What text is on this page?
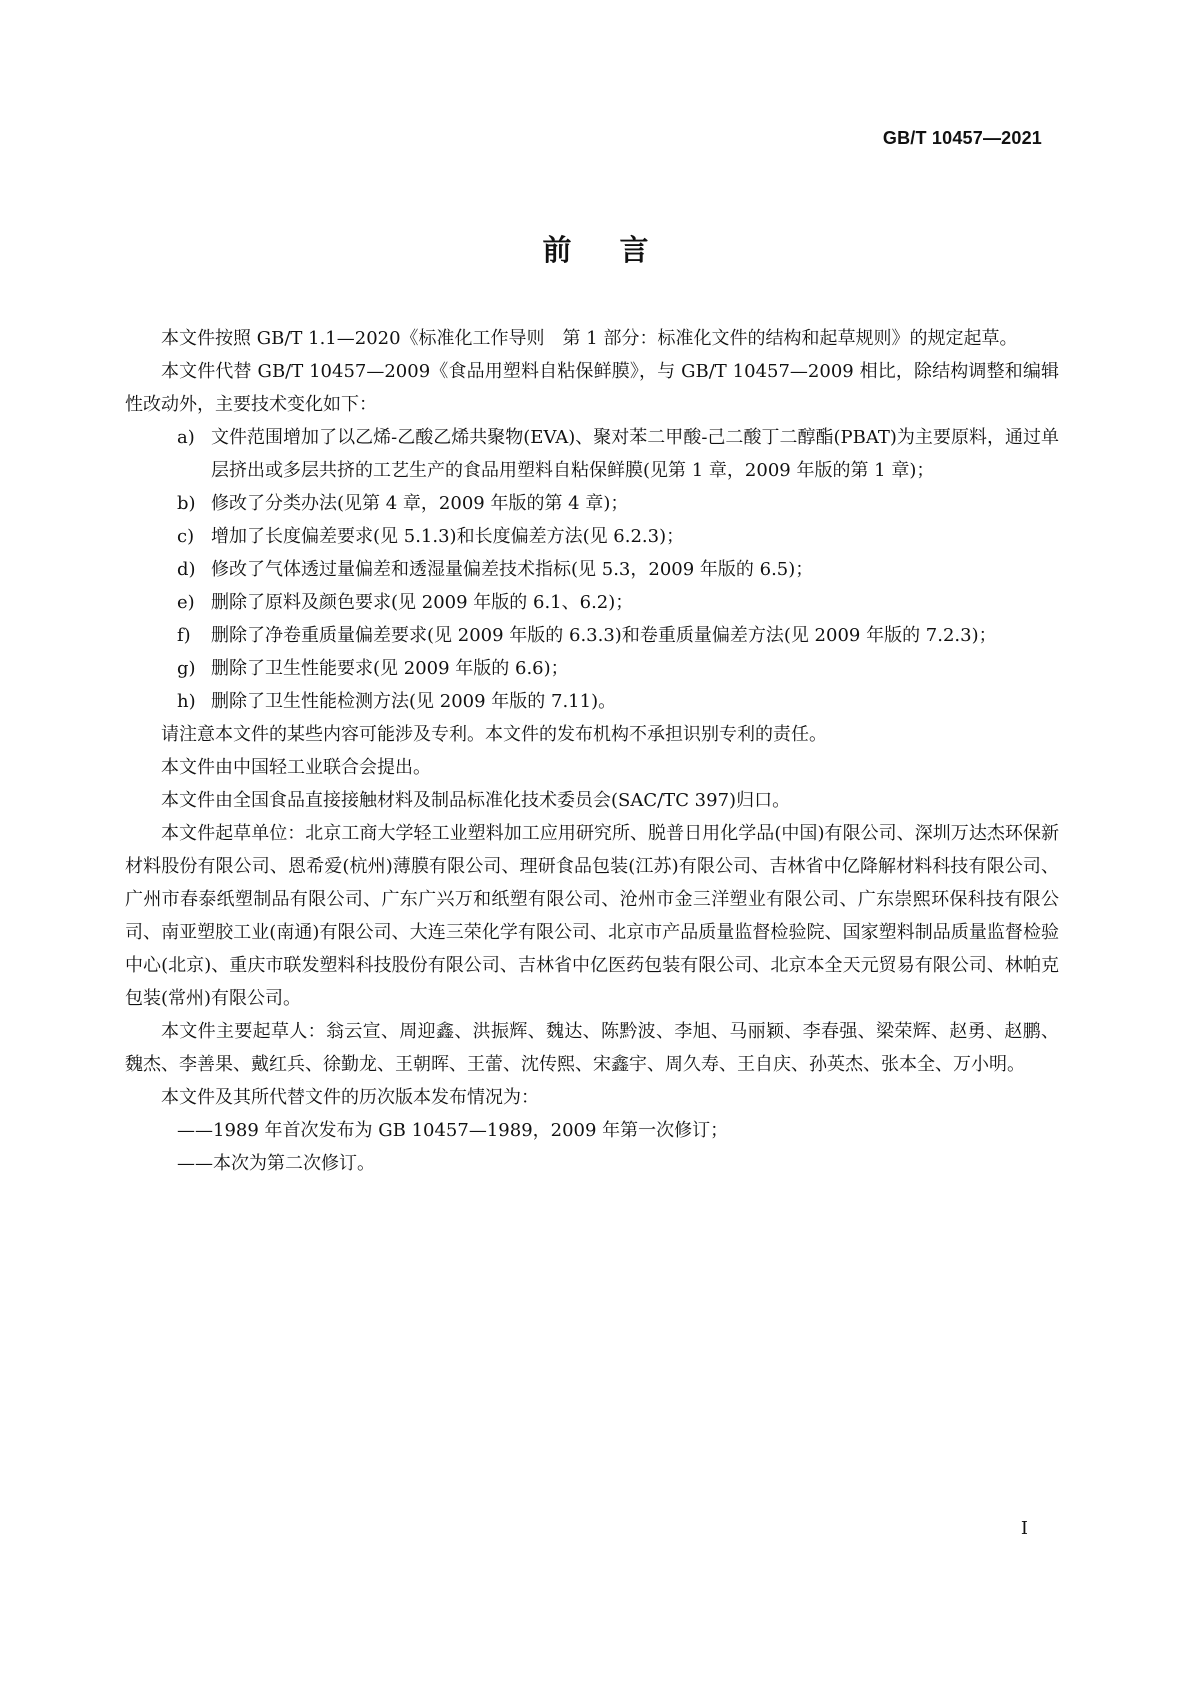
GB/T 10457—2021
前言

本文件按照 GB/T 1.1—2020《标准化工作导则　第 1 部分：标准化文件的结构和起草规则》的规定起草。

本文件代替 GB/T 10457—2009《食品用塑料自粘保鲜膜》，与 GB/T 10457—2009 相比，除结构调整和编辑性改动外，主要技术变化如下：

a) 文件范围增加了以乙烯-乙酸乙烯共聚物(EVA)、聚对苯二甲酸-己二酸丁二醇酯(PBAT)为主要原料，通过单层挤出或多层共挤的工艺生产的食品用塑料自粘保鲜膜(见第 1 章，2009 年版的第 1 章)；
b) 修改了分类办法(见第 4 章，2009 年版的第 4 章)；
c) 增加了长度偏差要求(见 5.1.3)和长度偏差方法(见 6.2.3)；
d) 修改了气体透过量偏差和透湿量偏差技术指标(见 5.3，2009 年版的 6.5)；
e) 删除了原料及颜色要求(见 2009 年版的 6.1、6.2)；
f)	删除了净卷重质量偏差要求(见 2009 年版的 6.3.3)和卷重质量偏差方法(见 2009 年版的 7.2.3)；
g) 删除了卫生性能要求(见 2009 年版的 6.6)；
h) 删除了卫生性能检测方法(见 2009 年版的 7.11)。

请注意本文件的某些内容可能涉及专利。本文件的发布机构不承担识别专利的责任。

本文件由中国轻工业联合会提出。

本文件由全国食品直接接触材料及制品标准化技术委员会(SAC/TC 397)归口。

本文件起草单位：北京工商大学轻工业塑料加工应用研究所、脱普日用化学品(中国)有限公司、深圳万达杰环保新材料股份有限公司、恩希爱(杭州)薄膜有限公司、理研食品包装(江苏)有限公司、吉林省中亿降解材料科技有限公司、广州市春泰纸塑制品有限公司、广东广兴万和纸塑有限公司、沧州市金三洋塑业有限公司、广东崇熙环保科技有限公司、南亚塑胶工业(南通)有限公司、大连三荣化学有限公司、北京市产品质量监督检验院、国家塑料制品质量监督检验中心(北京)、重庆市联发塑料科技股份有限公司、吉林省中亿医药包装有限公司、北京本全天元贸易有限公司、林帕克包装(常州)有限公司。

本文件主要起草人：翁云宣、周迎鑫、洪振辉、魏达、陈黔波、李旭、马丽颖、李春强、梁荣辉、赵勇、赵鹏、魏杰、李善果、戴红兵、徐勤龙、王朝晖、王蕾、沈传熙、宋鑫宇、周久寿、王自庆、孙英杰、张本全、万小明。

本文件及其所代替文件的历次版本发布情况为：

——1989 年首次发布为 GB 10457—1989，2009 年第一次修订；

——本次为第二次修订。

I
